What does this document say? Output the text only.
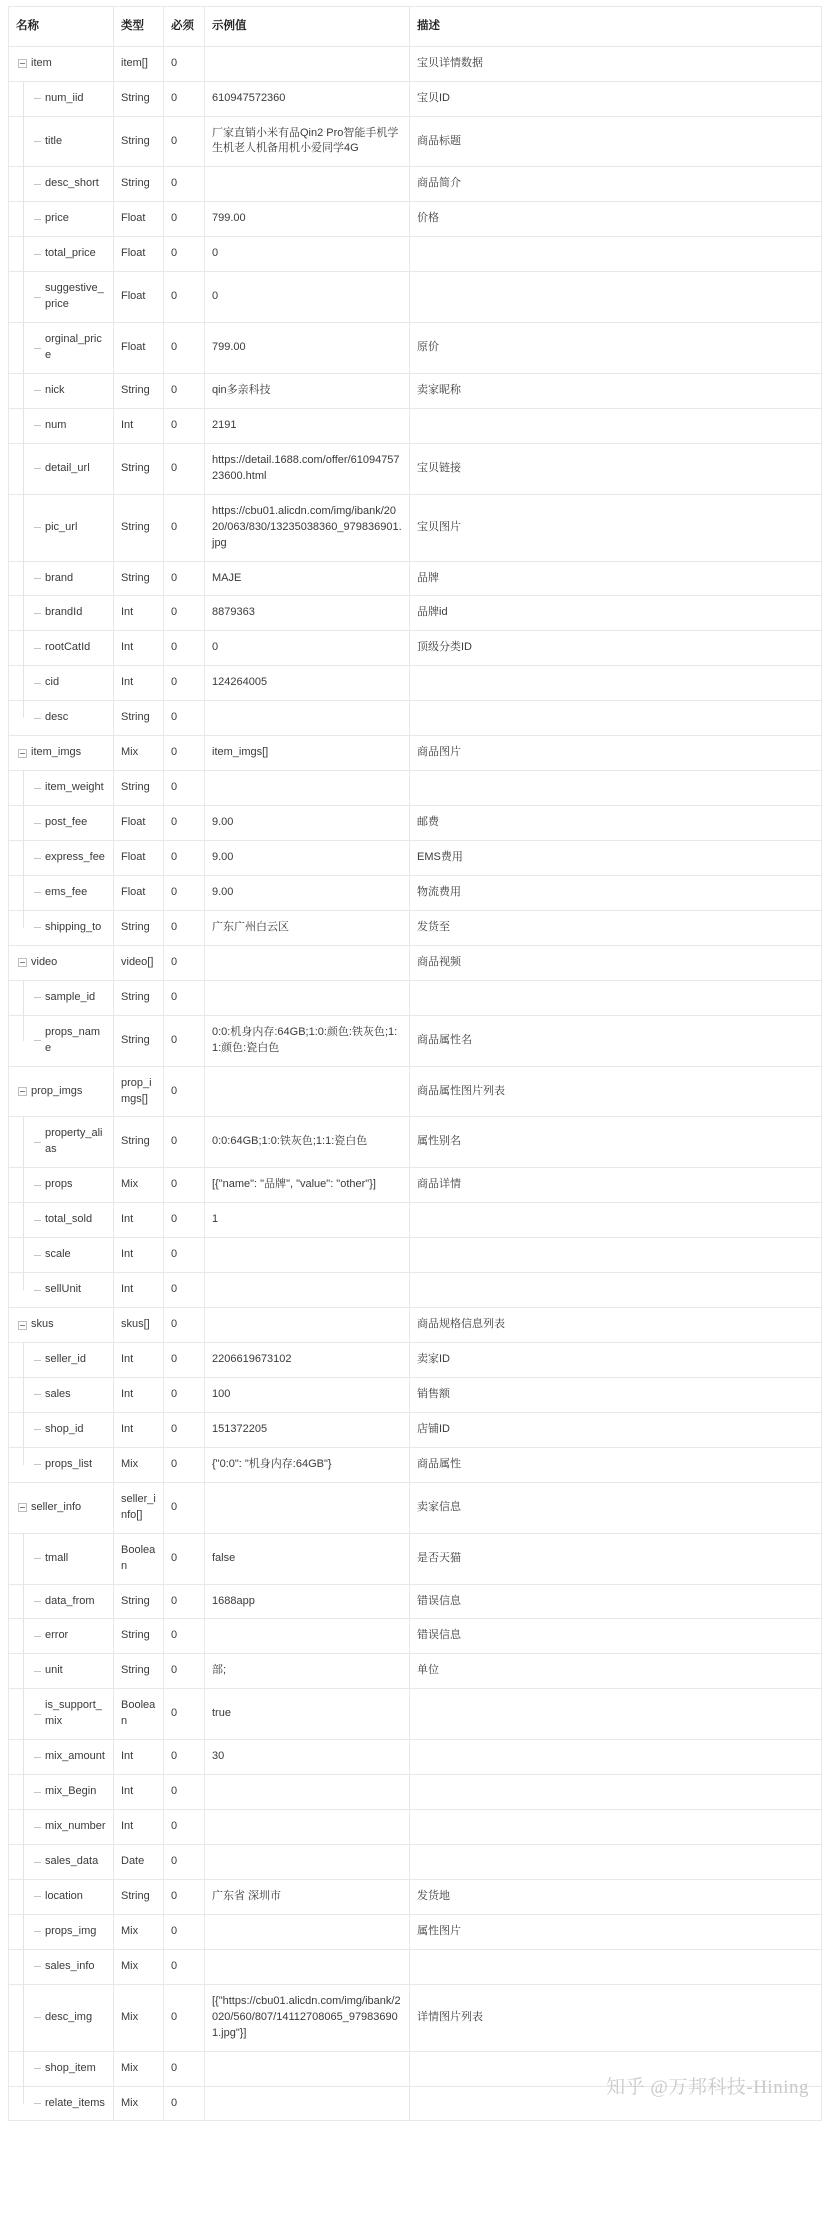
名称	类型	必须	示例值	描述

item	item[]	0		宝贝详情数据

num_iid	String	0	610947572360	宝贝ID

title	String	0	厂家直销小米有品Qin2 Pro智能手机学生机老人机备用机小爱同学4G	商品标题

desc_short	String	0		商品简介

price	Float	0	799.00	价格

total_price	Float	0	0	

suggestive_price	Float	0	0	

orginal_price	Float	0	799.00	原价

nick	String	0	qin多亲科技	卖家昵称

num	Int	0	2191	

detail_url	String	0	https://detail.1688.com/offer/6109475723600.html	宝贝链接

pic_url	String	0	https://cbu01.alicdn.com/img/ibank/2020/063/830/13235038360_979836901.jpg	宝贝图片

brand	String	0	MAJE	品牌

brandId	Int	0	8879363	品牌id

rootCatId	Int	0	0	顶级分类ID

cid	Int	0	124264005	

desc	String	0		

item_imgs	Mix	0	item_imgs[]	商品图片

item_weight	String	0		

post_fee	Float	0	9.00	邮费

express_fee	Float	0	9.00	EMS费用

ems_fee	Float	0	9.00	物流费用

shipping_to	String	0	广东广州白云区	发货至

video	video[]	0		商品视频

sample_id	String	0		

props_name	String	0	0:0:机身内存:64GB;1:0:颜色:铁灰色;1:1:颜色:瓷白色	商品属性名

prop_imgs	prop_imgs[]	0		商品属性图片列表

property_alias	String	0	0:0:64GB;1:0:铁灰色;1:1:瓷白色	属性别名

props	Mix	0	[{"name": "品牌", "value": "other"}]	商品详情

total_sold	Int	0	1	

scale	Int	0		

sellUnit	Int	0		

skus	skus[]	0		商品规格信息列表

seller_id	Int	0	2206619673102	卖家ID

sales	Int	0	100	销售额

shop_id	Int	0	151372205	店铺ID

props_list	Mix	0	{"0:0": "机身内存:64GB"}	商品属性

seller_info	seller_info[]	0		卖家信息

tmall	Boolean	0	false	是否天猫

data_from	String	0	1688app	错误信息

error	String	0		错误信息

unit	String	0	部;	单位

is_support_mix	Boolean	0	true	

mix_amount	Int	0	30	

mix_Begin	Int	0		

mix_number	Int	0		

sales_data	Date	0		

location	String	0	广东省 深圳市	发货地

props_img	Mix	0		属性图片

sales_info	Mix	0		

desc_img	Mix	0	[{"https://cbu01.alicdn.com/img/ibank/2020/560/807/14112708065_979836901.jpg"}]	详情图片列表

shop_item	Mix	0		

relate_items	Mix	0		
知乎 @万邦科技-Hining
